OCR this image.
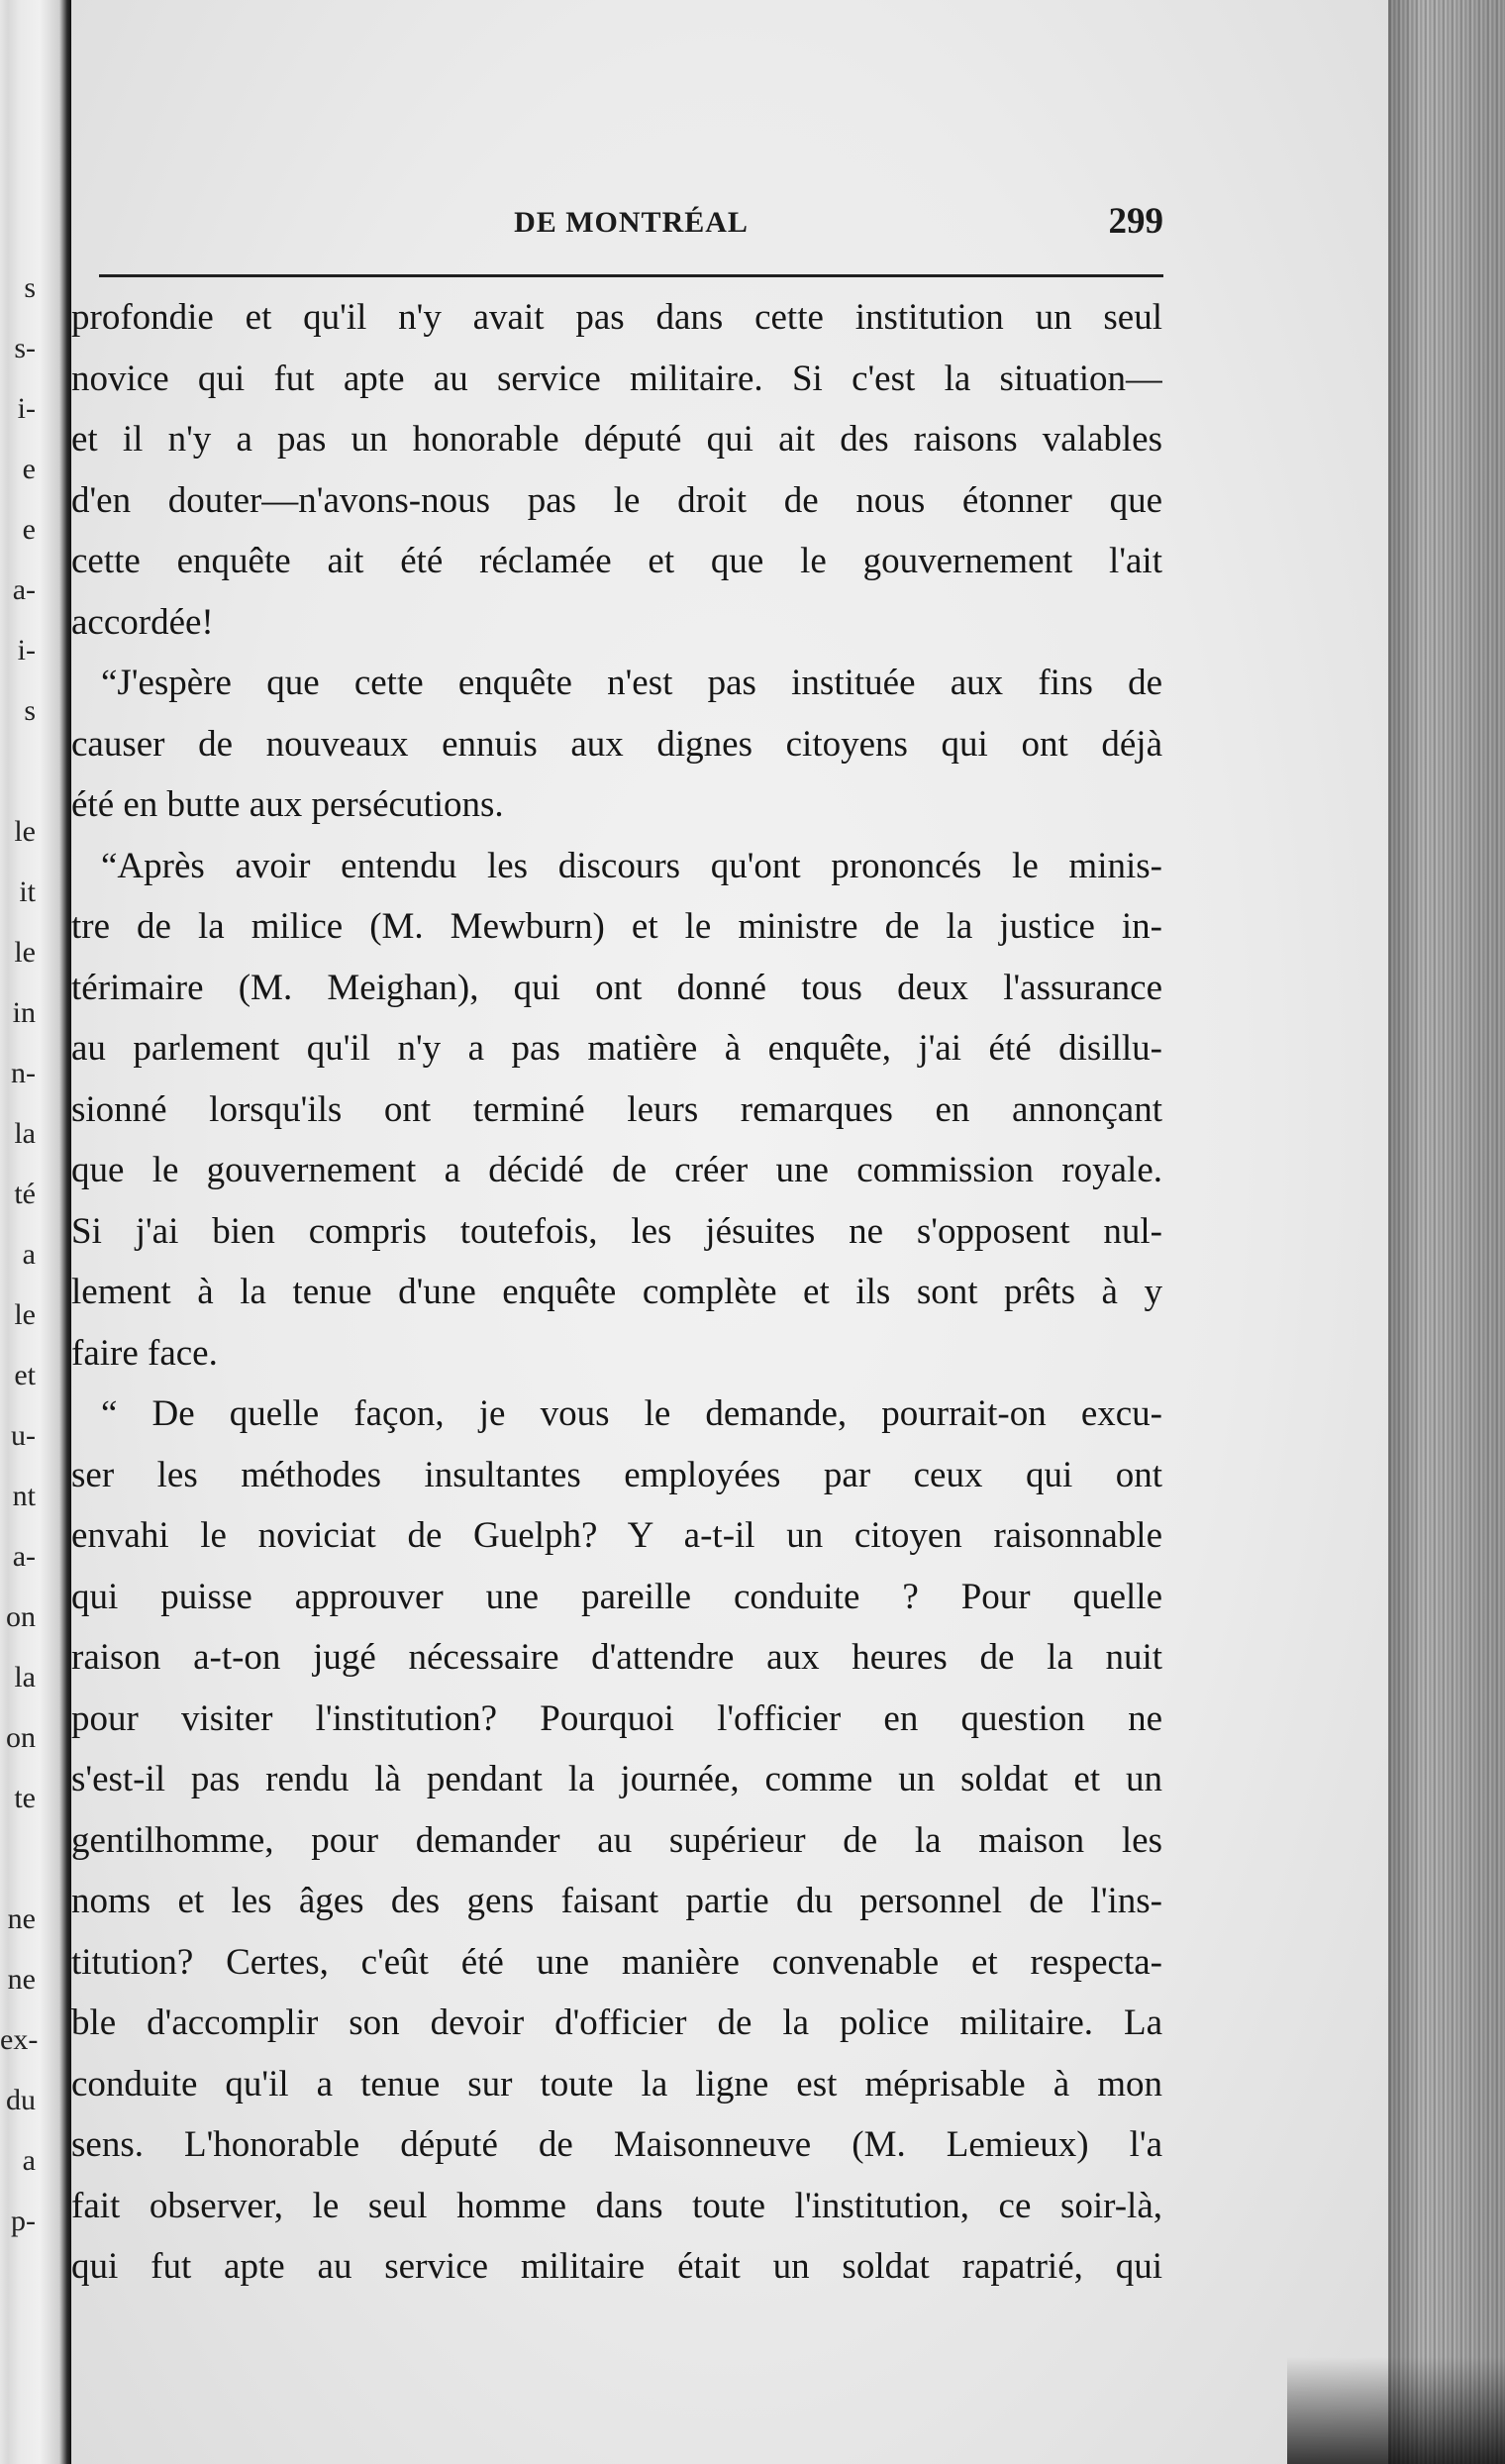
s
s-
i-
e
e
a-
i-
s
le
it
le
in
n-
la
té
a
le
et
u-
nt
a-
on
la
on
te
ne
ne
ex-
du
a
p-
DE MONTRÉAL	299
profondie et qu'il n'y avait pas dans cette institution un seul
novice qui fut apte au service militaire. Si c'est la situation—
et il n'y a pas un honorable député qui ait des raisons valables
d'en douter—n'avons-nous pas le droit de nous étonner que
cette enquête ait été réclamée et que le gouvernement l'ait
accordée!
“J'espère que cette enquête n'est pas instituée aux fins de
causer de nouveaux ennuis aux dignes citoyens qui ont déjà
été en butte aux persécutions.
“Après avoir entendu les discours qu'ont prononcés le minis-
tre de la milice (M. Mewburn) et le ministre de la justice in-
térimaire (M. Meighan), qui ont donné tous deux l'assurance
au parlement qu'il n'y a pas matière à enquête, j'ai été disillu-
sionné lorsqu'ils ont terminé leurs remarques en annonçant
que le gouvernement a décidé de créer une commission royale.
Si j'ai bien compris toutefois, les jésuites ne s'opposent nul-
lement à la tenue d'une enquête complète et ils sont prêts à y
faire face.
“ De quelle façon, je vous le demande, pourrait-on excu-
ser les méthodes insultantes employées par ceux qui ont
envahi le noviciat de Guelph? Y a-t-il un citoyen raisonnable
qui puisse approuver une pareille conduite ? Pour quelle
raison a-t-on jugé nécessaire d'attendre aux heures de la nuit
pour visiter l'institution? Pourquoi l'officier en question ne
s'est-il pas rendu là pendant la journée, comme un soldat et un
gentilhomme, pour demander au supérieur de la maison les
noms et les âges des gens faisant partie du personnel de l'ins-
titution? Certes, c'eût été une manière convenable et respecta-
ble d'accomplir son devoir d'officier de la police militaire. La
conduite qu'il a tenue sur toute la ligne est méprisable à mon
sens. L'honorable député de Maisonneuve (M. Lemieux) l'a
fait observer, le seul homme dans toute l'institution, ce soir-là,
qui fut apte au service militaire était un soldat rapatrié, qui
